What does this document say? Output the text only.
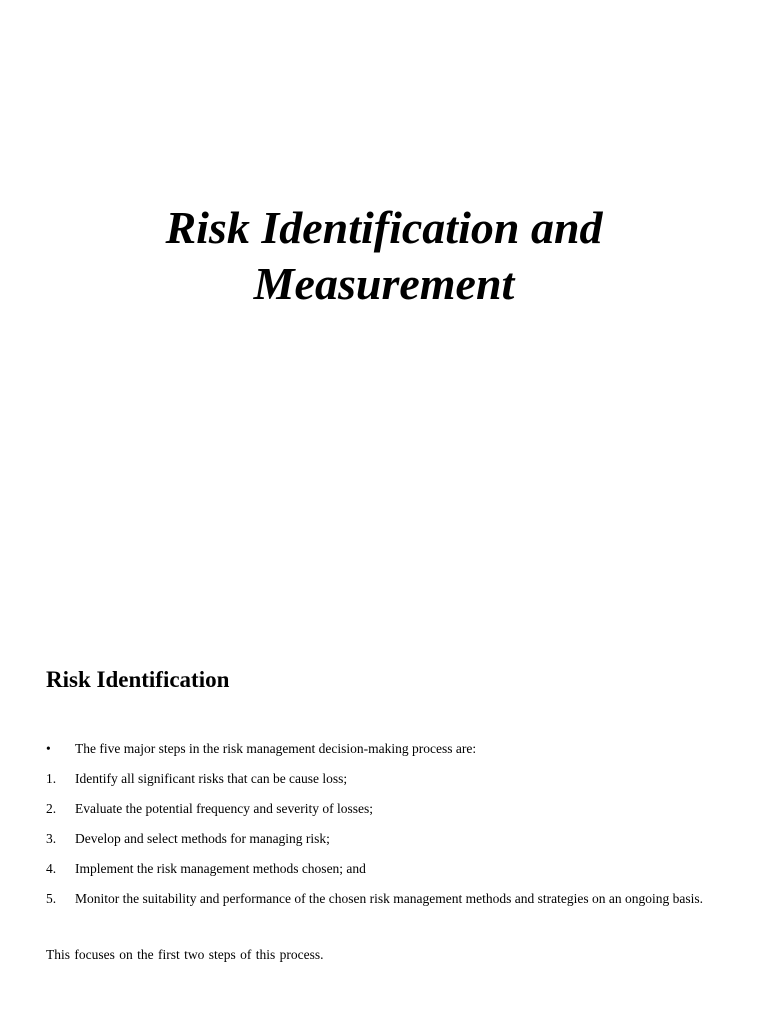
Risk Identification and
Measurement
Risk Identification
•	The five major steps in the risk management decision-making process are:
1.	Identify all significant risks that can be cause loss;
2.	Evaluate the potential frequency and severity of losses;
3.	Develop and select methods for managing risk;
4.	Implement the risk management methods chosen; and
5.	Monitor the suitability and performance of the chosen risk management methods and strategies on an ongoing basis.

This focuses on the first two steps of this process.
